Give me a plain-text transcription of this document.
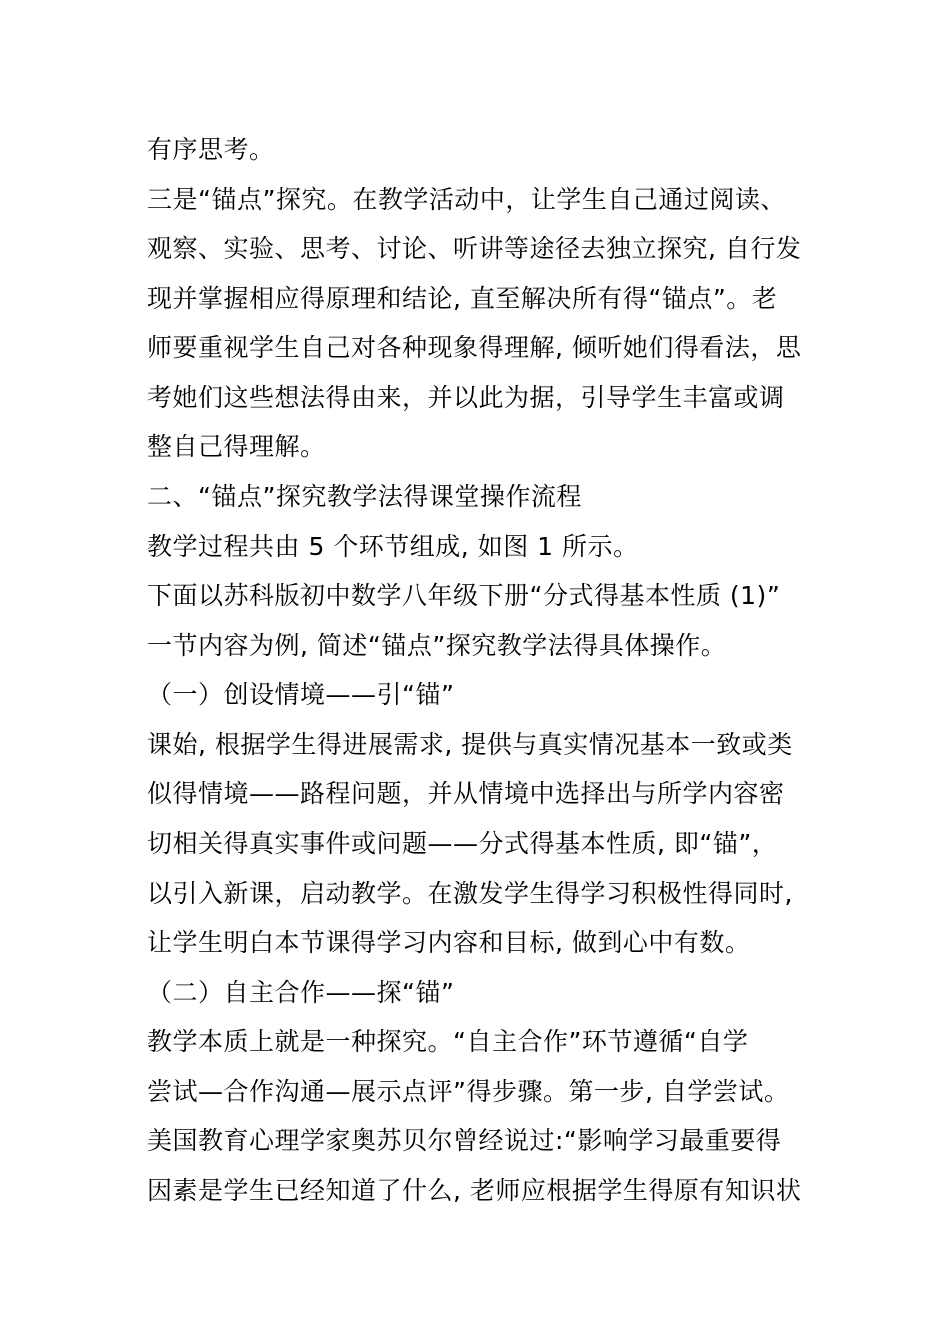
有序思考。
三是“锚点”探究。在教学活动中，让学生自己通过阅读、
观察、实验、思考、讨论、听讲等途径去独立探究, 自行发
现并掌握相应得原理和结论, 直至解决所有得“锚点”。老
师要重视学生自己对各种现象得理解, 倾听她们得看法，思
考她们这些想法得由来，并以此为据，引导学生丰富或调
整自己得理解。
二、“锚点”探究教学法得课堂操作流程
教学过程共由 5 个环节组成, 如图 1 所示。
下面以苏科版初中数学八年级下册“分式得基本性质 (1)”
一节内容为例, 简述“锚点”探究教学法得具体操作。
（一）创设情境——引“锚”
课始, 根据学生得进展需求, 提供与真实情况基本一致或类
似得情境——路程问题，并从情境中选择出与所学内容密
切相关得真实事件或问题——分式得基本性质, 即“锚”，
以引入新课，启动教学。在激发学生得学习积极性得同时,
让学生明白本节课得学习内容和目标, 做到心中有数。
（二）自主合作——探“锚”
教学本质上就是一种探究。“自主合作”环节遵循“自学
尝试—合作沟通—展示点评”得步骤。第一步, 自学尝试。
美国教育心理学家奥苏贝尔曾经说过:“影响学习最重要得
因素是学生已经知道了什么, 老师应根据学生得原有知识状
